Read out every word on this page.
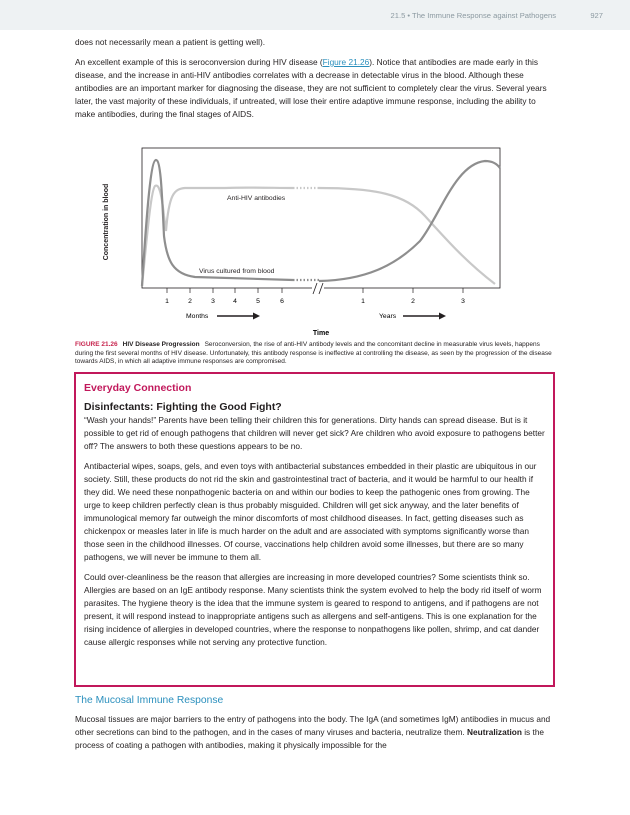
21.5 • The Immune Response against Pathogens	927

does not necessarily mean a patient is getting well).

An excellent example of this is seroconversion during HIV disease (Figure 21.26). Notice that antibodies are made early in this disease, and the increase in anti-HIV antibodies correlates with a decrease in detectable virus in the blood. Although these antibodies are an important marker for diagnosing the disease, they are not sufficient to completely clear the virus. Several years later, the vast majority of these individuals, if untreated, will lose their entire adaptive immune response, including the ability to make antibodies, during the final stages of AIDS.

Concentration in blood	Anti-HIV antibodies
Virus cultured from blood
1	2	3	4	5	6	1	2	3
Months	Years
Time
FIGURE 21.26 HIV Disease Progression Seroconversion, the rise of anti-HIV antibody levels and the concomitant decline in measurable virus levels, happens during the first several months of HIV disease. Unfortunately, this antibody response is ineffective at controlling the disease, as seen by the progression of the disease towards AIDS, in which all adaptive immune responses are compromised.
Everyday Connection
Disinfectants: Fighting the Good Fight?

“Wash your hands!” Parents have been telling their children this for generations. Dirty hands can spread disease. But is it possible to get rid of enough pathogens that children will never get sick? Are children who avoid exposure to pathogens better off? The answers to both these questions appears to be no.

Antibacterial wipes, soaps, gels, and even toys with antibacterial substances embedded in their plastic are ubiquitous in our society. Still, these products do not rid the skin and gastrointestinal tract of bacteria, and it would be harmful to our health if they did. We need these nonpathogenic bacteria on and within our bodies to keep the pathogenic ones from growing. The urge to keep children perfectly clean is thus probably misguided. Children will get sick anyway, and the later benefits of immunological memory far outweigh the minor discomforts of most childhood diseases. In fact, getting diseases such as chickenpox or measles later in life is much harder on the adult and are associated with symptoms significantly worse than those seen in the childhood illnesses. Of course, vaccinations help children avoid some illnesses, but there are so many pathogens, we will never be immune to them all.

Could over-cleanliness be the reason that allergies are increasing in more developed countries? Some scientists think so. Allergies are based on an IgE antibody response. Many scientists think the system evolved to help the body rid itself of worm parasites. The hygiene theory is the idea that the immune system is geared to respond to antigens, and if pathogens are not present, it will respond instead to inappropriate antigens such as allergens and self-antigens. This is one explanation for the rising incidence of allergies in developed countries, where the response to nonpathogens like pollen, shrimp, and cat dander cause allergic responses while not serving any protective function.

The Mucosal Immune Response

Mucosal tissues are major barriers to the entry of pathogens into the body. The IgA (and sometimes IgM) antibodies in mucus and other secretions can bind to the pathogen, and in the cases of many viruses and bacteria, neutralize them. Neutralization is the process of coating a pathogen with antibodies, making it physically impossible for the
